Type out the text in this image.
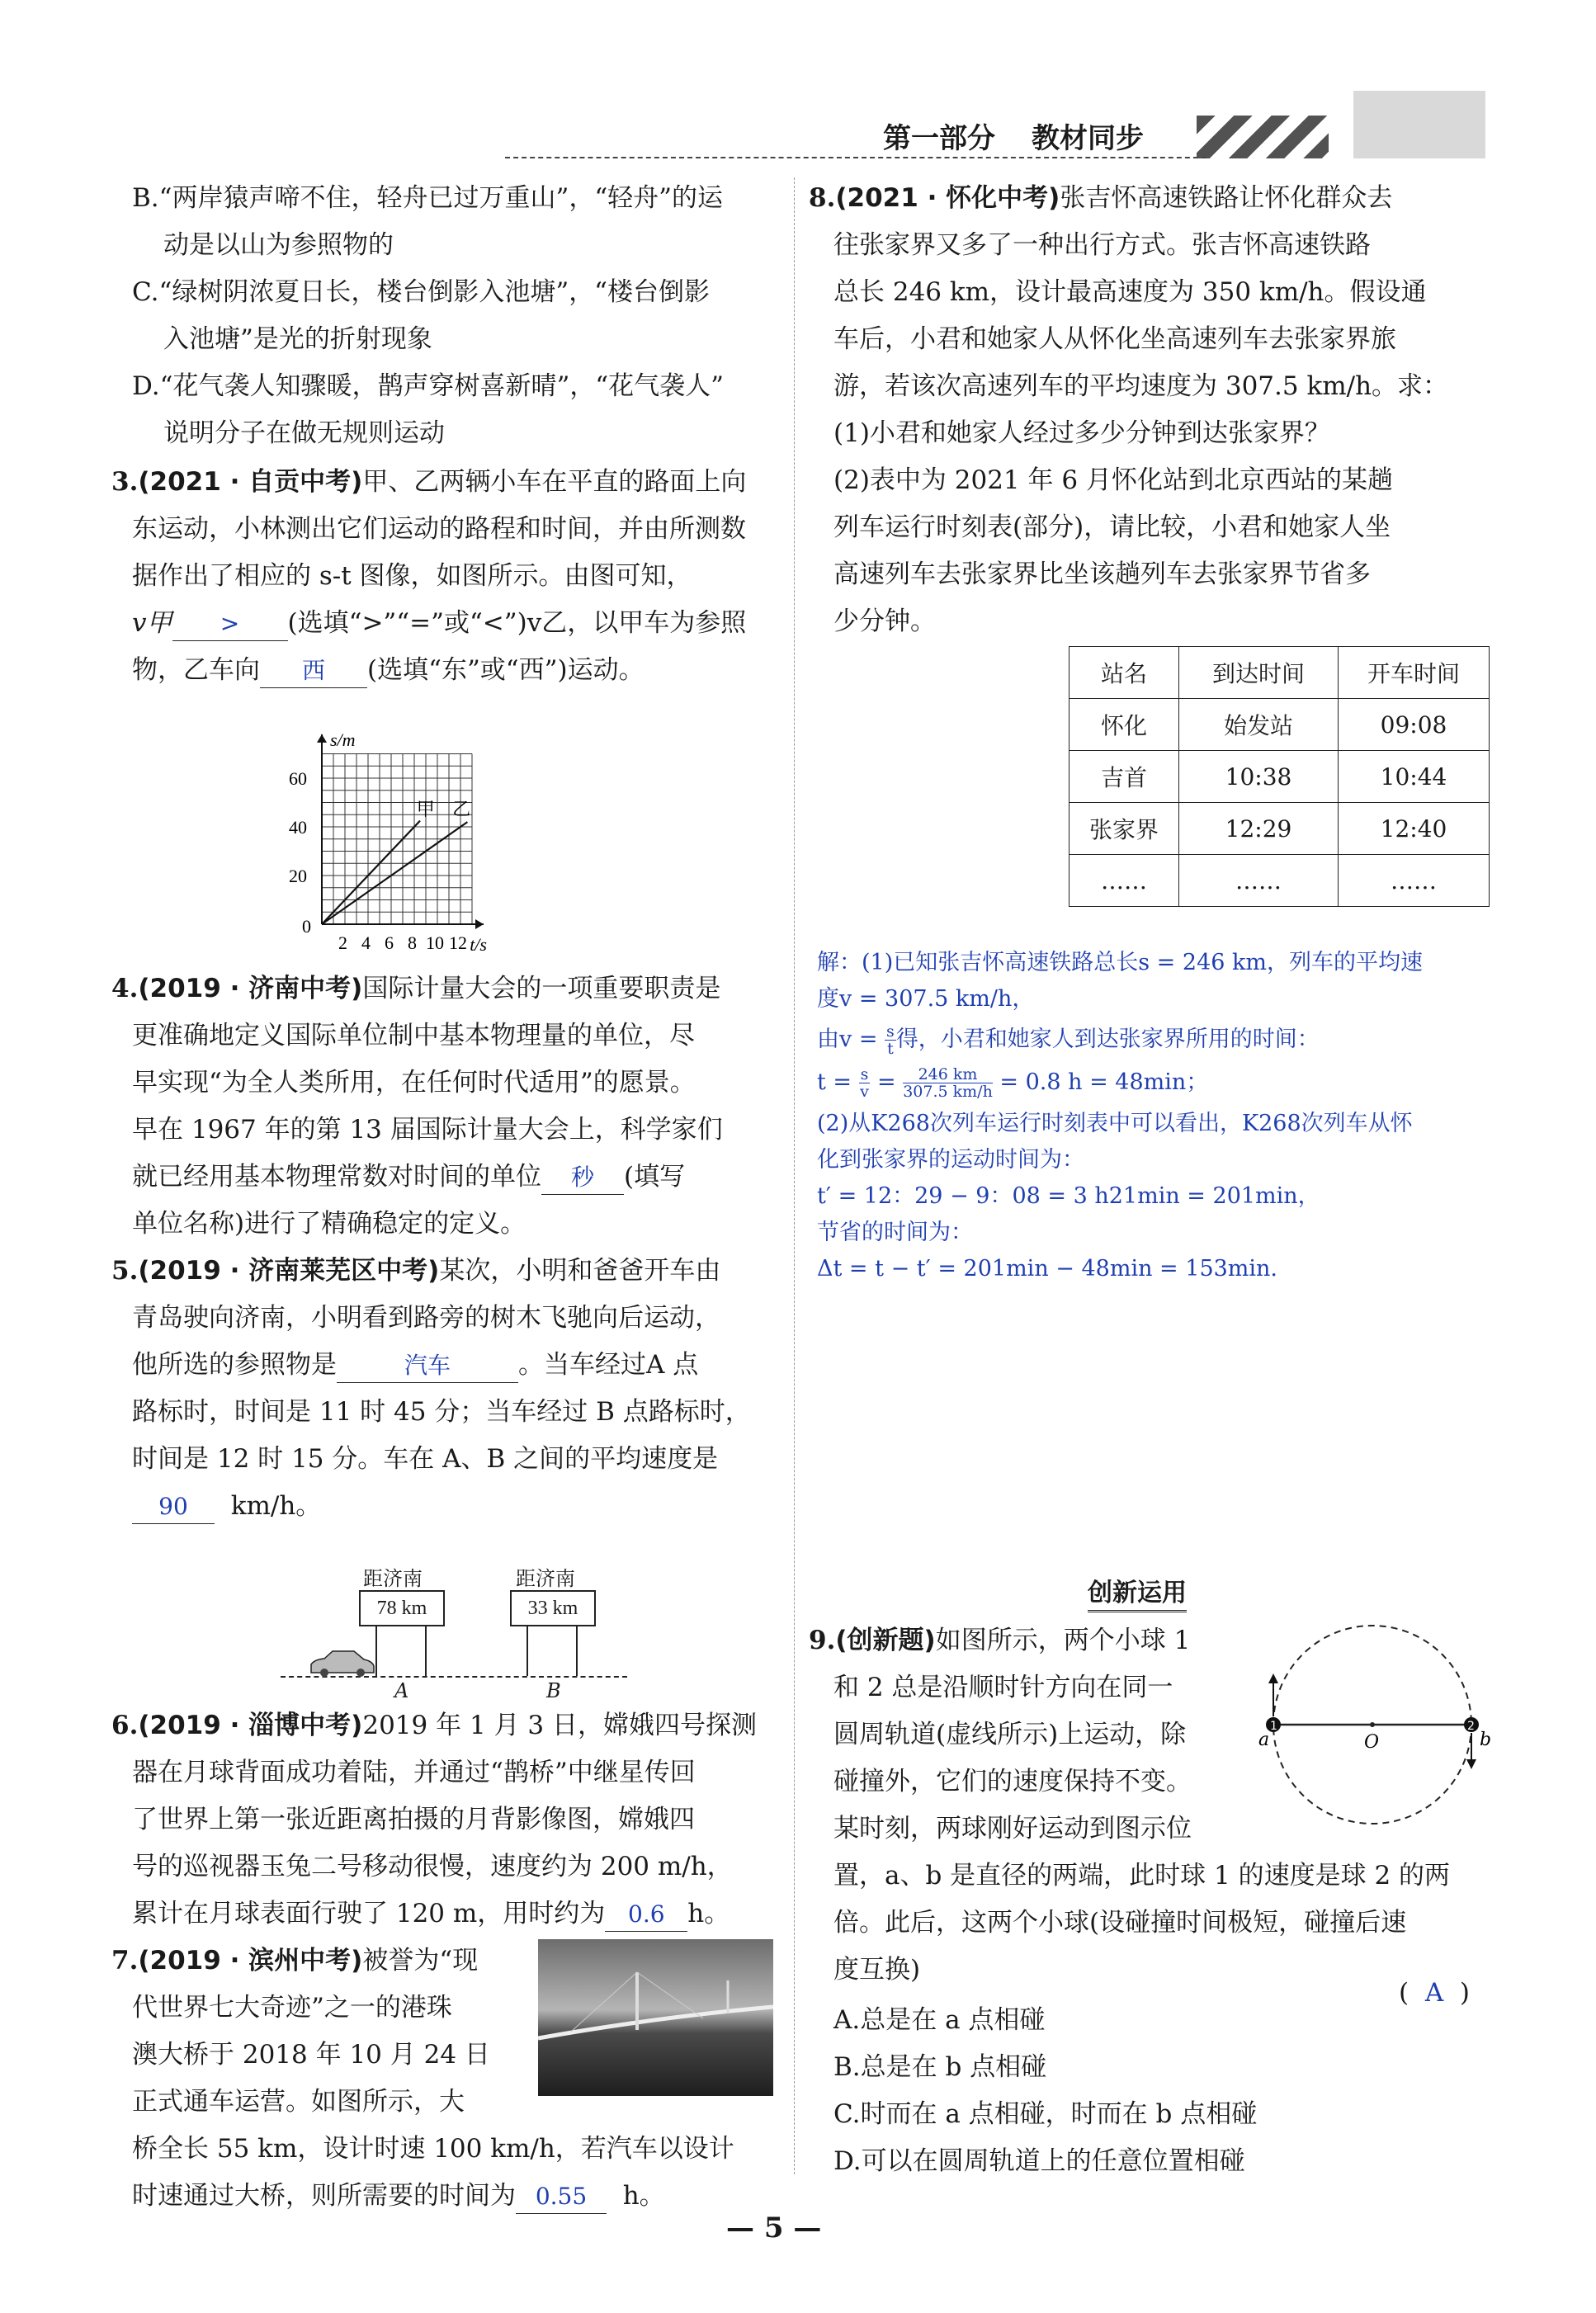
第一部分 教材同步
B.“两岸猿声啼不住，轻舟已过万重山”，“轻舟”的运
动是以山为参照物的
C.“绿树阴浓夏日长，楼台倒影入池塘”，“楼台倒影
入池塘”是光的折射现象
D.“花气袭人知骤暖，鹊声穿树喜新晴”，“花气袭人”
说明分子在做无规则运动
3.(2021 · 自贡中考)甲、乙两辆小车在平直的路面上向
东运动，小林测出它们运动的路程和时间，并由所测数
据作出了相应的 s-t 图像，如图所示。由图可知，
v甲 > (选填“>”“=”或“<”)v乙，以甲车为参照
物，乙车向 西 (选填“东”或“西”)运动。
2 4 6 8 10 12
20
40
60
0
s/m
t/s
甲 乙
4.(2019 · 济南中考)国际计量大会的一项重要职责是
更准确地定义国际单位制中基本物理量的单位，尽
早实现“为全人类所用，在任何时代适用”的愿景。
早在 1967 年的第 13 届国际计量大会上，科学家们
就已经用基本物理常数对时间的单位 秒 (填写
单位名称)进行了精确稳定的定义。
5.(2019 · 济南莱芜区中考)某次，小明和爸爸开车由
青岛驶向济南，小明看到路旁的树木飞驰向后运动，
他所选的参照物是	汽车	。当车经过A 点
路标时，时间是 11 时 45 分；当车经过 B 点路标时，
时间是 12 时 15 分。车在 A、B 之间的平均速度是
90 km/h。
距济南
78 km
距济南
33 km
A	B
6.(2019 · 淄博中考)2019 年 1 月 3 日，嫦娥四号探测
器在月球背面成功着陆，并通过“鹊桥”中继星传回
了世界上第一张近距离拍摄的月背影像图，嫦娥四
号的巡视器玉兔二号移动很慢，速度约为 200 m/h，
累计在月球表面行驶了 120 m，用时约为 0.6 h。
7.(2019 · 滨州中考)被誉为“现
代世界七大奇迹”之一的港珠
澳大桥于 2018 年 10 月 24 日
正式通车运营。如图所示，大
桥全长 55 km，设计时速 100 km/h，若汽车以设计
时速通过大桥，则所需要的时间为 0.55 h。
8.(2021 · 怀化中考)张吉怀高速铁路让怀化群众去
往张家界又多了一种出行方式。张吉怀高速铁路
总长 246 km，设计最高速度为 350 km/h。假设通
车后，小君和她家人从怀化坐高速列车去张家界旅
游，若该次高速列车的平均速度为 307.5 km/h。求：
(1)小君和她家人经过多少分钟到达张家界？
(2)表中为 2021 年 6 月怀化站到北京西站的某趟
列车运行时刻表(部分)，请比较，小君和她家人坐
高速列车去张家界比坐该趟列车去张家界节省多
少分钟。
站名	到达时间	开车时间
怀化	始发站	09:08
吉首	10:38	10:44
张家界	12:29	12:40
……	……	……
解：(1)已知张吉怀高速铁路总长s = 246 km，列车的平均速
度v = 307.5 km/h，
由$v = \frac{s}{t}$ 得，小君和她家人到达张家界所用的时间：
$t = \frac{s}{v} = \frac{246 km}{307.5 km/h} = 0.8$ h = 48min；
(2)从K268次列车运行时刻表中可以看出，K268次列车从怀
化到张家界的运动时间为：
t′ = 12：29 − 9：08 = 3 h21min = 201min，
节省的时间为：
Δt = t − t′ = 201min − 48min = 153min.
创新运用
9.(创新题)如图所示，两个小球 1
和 2 总是沿顺时针方向在同一
圆周轨道(虚线所示)上运动，除
碰撞外，它们的速度保持不变。
某时刻，两球刚好运动到图示位
置，a、b 是直径的两端，此时球 1 的速度是球 2 的两
倍。此后，这两个小球(设碰撞时间极短，碰撞后速
度互换)
(  A  )
A.总是在 a 点相碰
B.总是在 b 点相碰
C.时而在 a 点相碰，时而在 b 点相碰
D.可以在圆周轨道上的任意位置相碰
1	2
a	b
O
— 5 —
